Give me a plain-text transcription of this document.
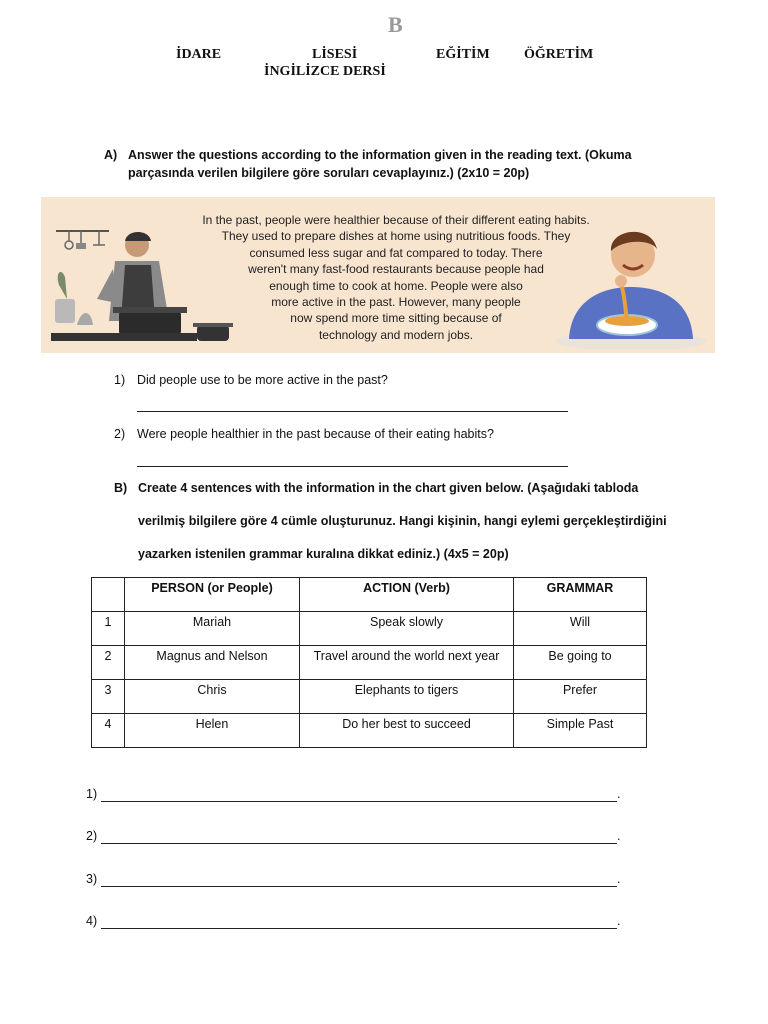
B
İDARE	LİSESİ	EĞİTİM ÖĞRETİM
İNGİLİZCE DERSİ
A) Answer the questions according to the information given in the reading text. (Okuma
parçasında verilen bilgilere göre soruları cevaplayınız.) (2x10 = 20p)
In the past, people were healthier because of their different eating habits.
They used to prepare dishes at home using nutritious foods. They
consumed less sugar and fat compared to today. There
weren't many fast-food restaurants because people had
enough time to cook at home. People were also
more active in the past. However, many people
now spend more time sitting because of
technology and modern jobs.
1) Did people use to be more active in the past?
2) Were people healthier in the past because of their eating habits?
B) Create 4 sentences with the information in the chart given below. (Aşağıdaki tabloda
verilmiş bilgilere göre 4 cümle oluşturunuz. Hangi kişinin, hangi eylemi gerçekleştirdiğini
yazarken istenilen grammar kuralına dikkat ediniz.) (4x5 = 20p)
	PERSON (or People)	ACTION (Verb)	GRAMMAR
1	Mariah	Speak slowly	Will
2	Magnus and Nelson	Travel around the world next year	Be going to
3	Chris	Elephants to tigers	Prefer
4	Helen	Do her best to succeed	Simple Past
1)	.
2)	.
3)	.
4)	.
